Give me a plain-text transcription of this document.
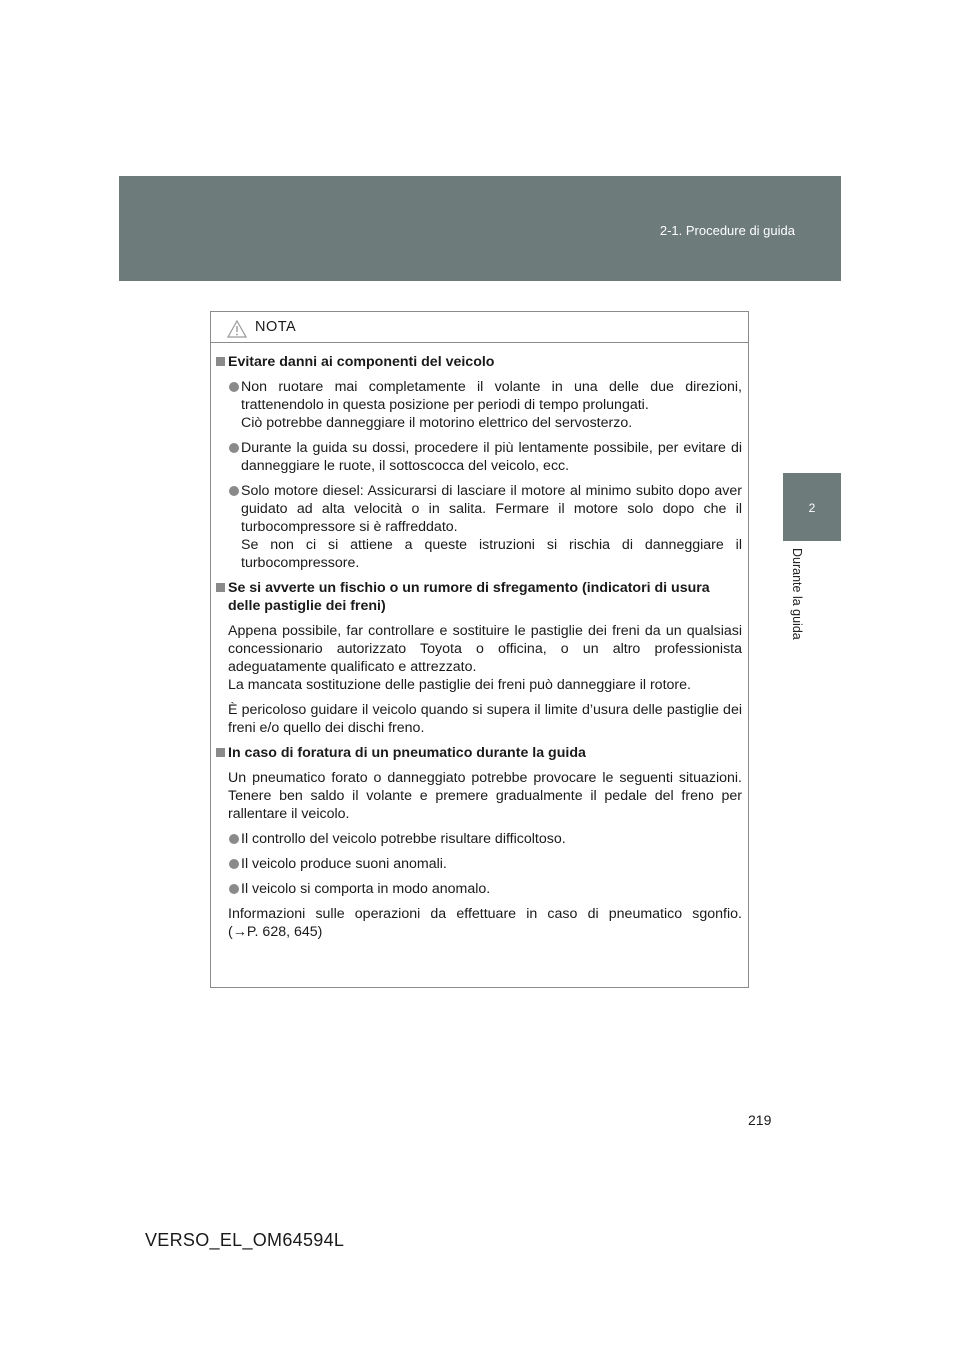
2-1. Procedure di guida
2
Durante la guida
NOTA
Evitare danni ai componenti del veicolo
Non ruotare mai completamente il volante in una delle due direzioni, trattenendolo in questa posizione per periodi di tempo prolungati.
Ciò potrebbe danneggiare il motorino elettrico del servosterzo.
Durante la guida su dossi, procedere il più lentamente possibile, per evitare di danneggiare le ruote, il sottoscocca del veicolo, ecc.
Solo motore diesel: Assicurarsi di lasciare il motore al minimo subito dopo aver guidato ad alta velocità o in salita. Fermare il motore solo dopo che il turbocompressore si è raffreddato.
Se non ci si attiene a queste istruzioni si rischia di danneggiare il turbocompressore.
Se si avverte un fischio o un rumore di sfregamento (indicatori di usura delle pastiglie dei freni)
Appena possibile, far controllare e sostituire le pastiglie dei freni da un qualsiasi concessionario autorizzato Toyota o officina, o un altro professionista adeguatamente qualificato e attrezzato.
La mancata sostituzione delle pastiglie dei freni può danneggiare il rotore.
È pericoloso guidare il veicolo quando si supera il limite d’usura delle pastiglie dei freni e/o quello dei dischi freno.
In caso di foratura di un pneumatico durante la guida
Un pneumatico forato o danneggiato potrebbe provocare le seguenti situazioni. Tenere ben saldo il volante e premere gradualmente il pedale del freno per rallentare il veicolo.
Il controllo del veicolo potrebbe risultare difficoltoso.
Il veicolo produce suoni anomali.
Il veicolo si comporta in modo anomalo.
Informazioni sulle operazioni da effettuare in caso di pneumatico sgonfio.
(→P. 628, 645)
219
VERSO_EL_OM64594L
